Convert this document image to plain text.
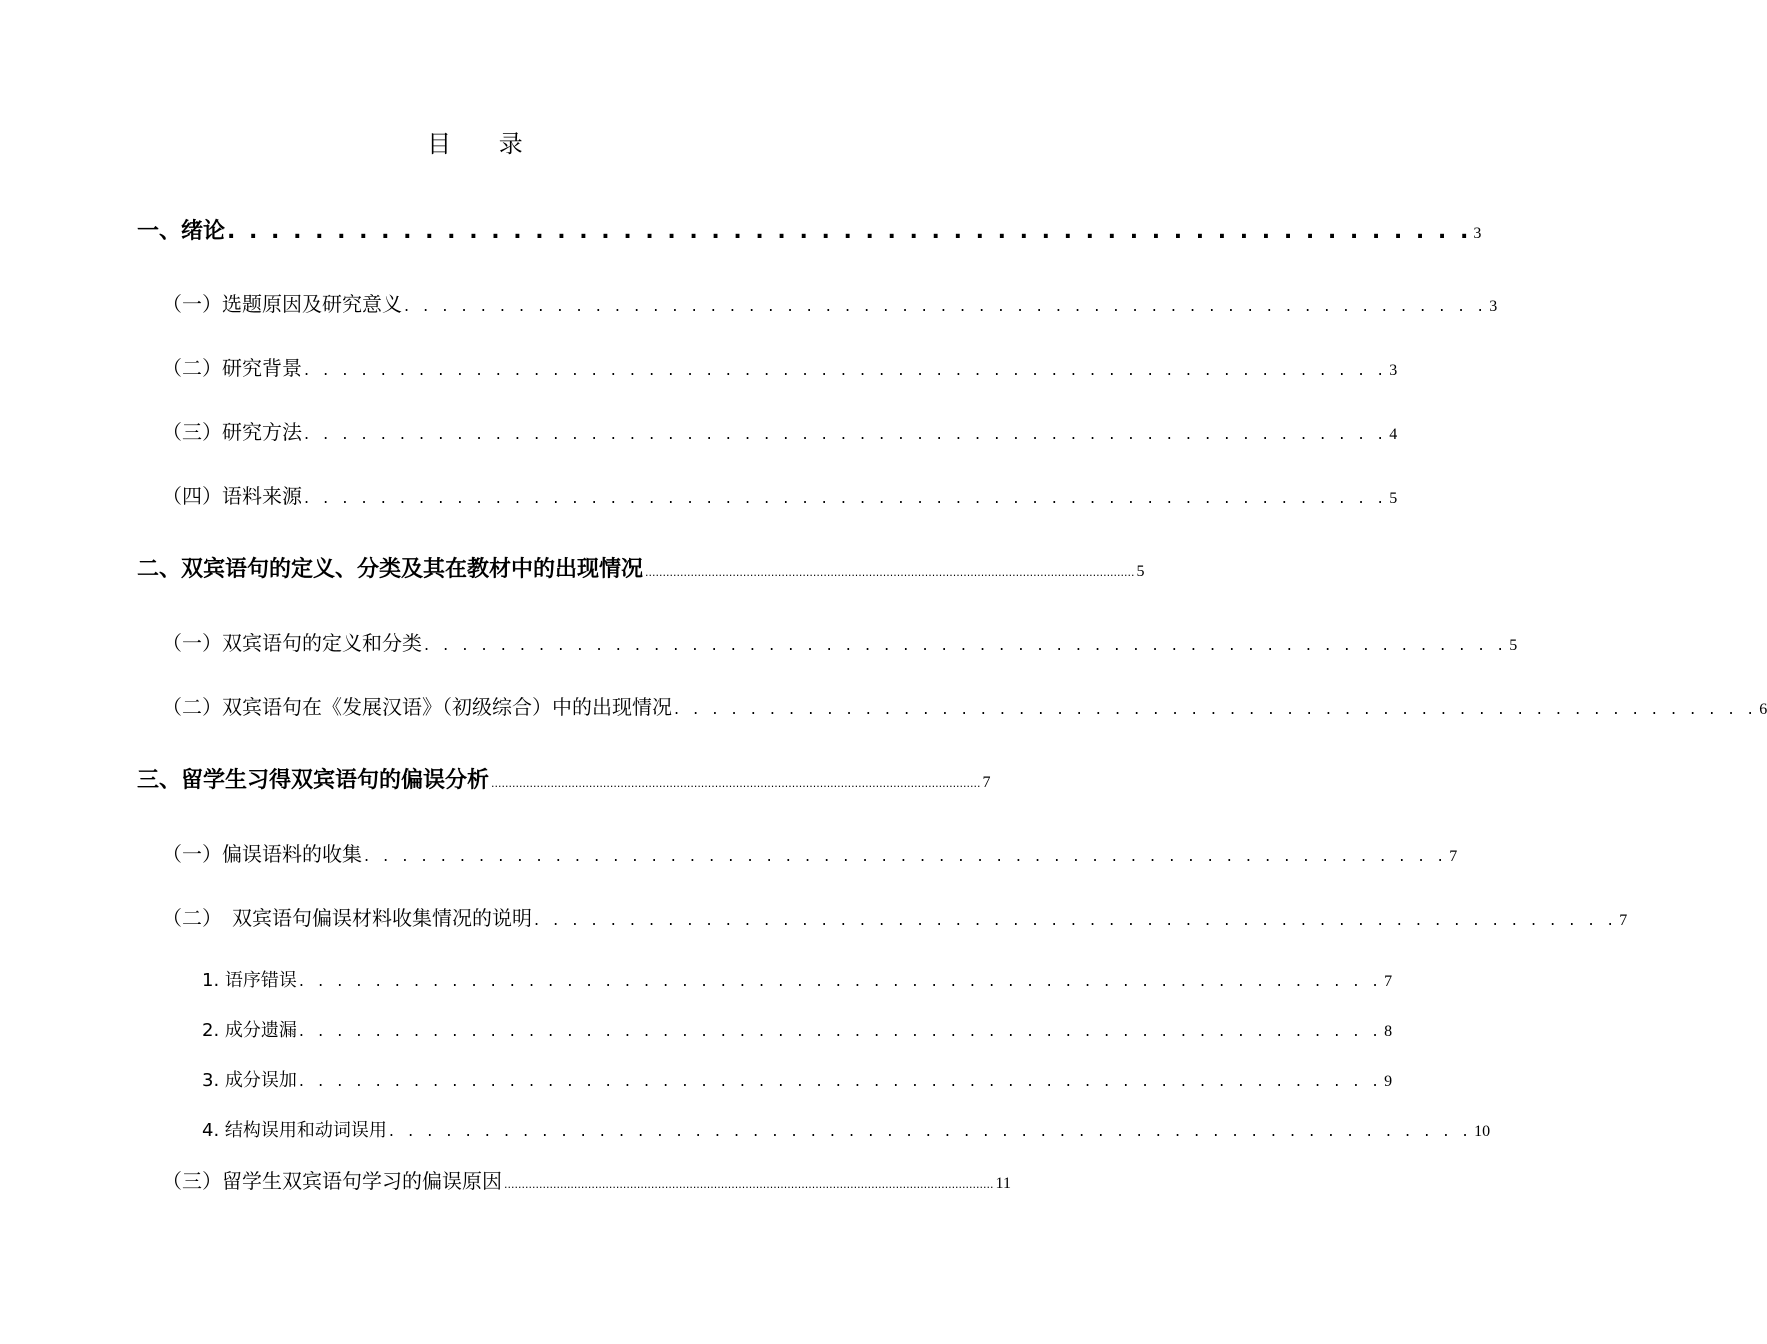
目 录
一、绪论 . . . . . . . . . . . . . . . . . . . . . . . . . . . . . . . . . . . . . . . . . . . . . . . . . . . . . . . . . 3
（一）选题原因及研究意义 . . . . . . . . . . . . . . . . . . . . . . . . . . . . . . . . . . . . . . . . . . . . . . . . . . . . . . . . . 3
（二）研究背景 . . . . . . . . . . . . . . . . . . . . . . . . . . . . . . . . . . . . . . . . . . . . . . . . . . . . . . . . . 3
（三）研究方法 . . . . . . . . . . . . . . . . . . . . . . . . . . . . . . . . . . . . . . . . . . . . . . . . . . . . . . . . . 4
（四）语料来源 . . . . . . . . . . . . . . . . . . . . . . . . . . . . . . . . . . . . . . . . . . . . . . . . . . . . . . . . . 5
二、双宾语句的定义、分类及其在教材中的出现情况 ............................................................................................................................................ 5
（一）双宾语句的定义和分类 . . . . . . . . . . . . . . . . . . . . . . . . . . . . . . . . . . . . . . . . . . . . . . . . . . . . . . . . . 5
（二）双宾语句在《发展汉语》（初级综合）中的出现情况 . . . . . . . . . . . . . . . . . . . . . . . . . . . . . . . . . . . . . . . . . . . . . . . . . . . . . . . . . 6
三、留学生习得双宾语句的偏误分析 ............................................................................................................................................ 7
（一）偏误语料的收集 . . . . . . . . . . . . . . . . . . . . . . . . . . . . . . . . . . . . . . . . . . . . . . . . . . . . . . . . . 7
（二）　双宾语句偏误材料收集情况的说明 . . . . . . . . . . . . . . . . . . . . . . . . . . . . . . . . . . . . . . . . . . . . . . . . . . . . . . . . . 7
1. 语序错误 . . . . . . . . . . . . . . . . . . . . . . . . . . . . . . . . . . . . . . . . . . . . . . . . . . . . . . . . . 7
2. 成分遗漏 . . . . . . . . . . . . . . . . . . . . . . . . . . . . . . . . . . . . . . . . . . . . . . . . . . . . . . . . . 8
3. 成分误加 . . . . . . . . . . . . . . . . . . . . . . . . . . . . . . . . . . . . . . . . . . . . . . . . . . . . . . . . . 9
4. 结构误用和动词误用 . . . . . . . . . . . . . . . . . . . . . . . . . . . . . . . . . . . . . . . . . . . . . . . . . . . . . . . . . 10
（三）留学生双宾语句学习的偏误原因 ............................................................................................................................................ 11
